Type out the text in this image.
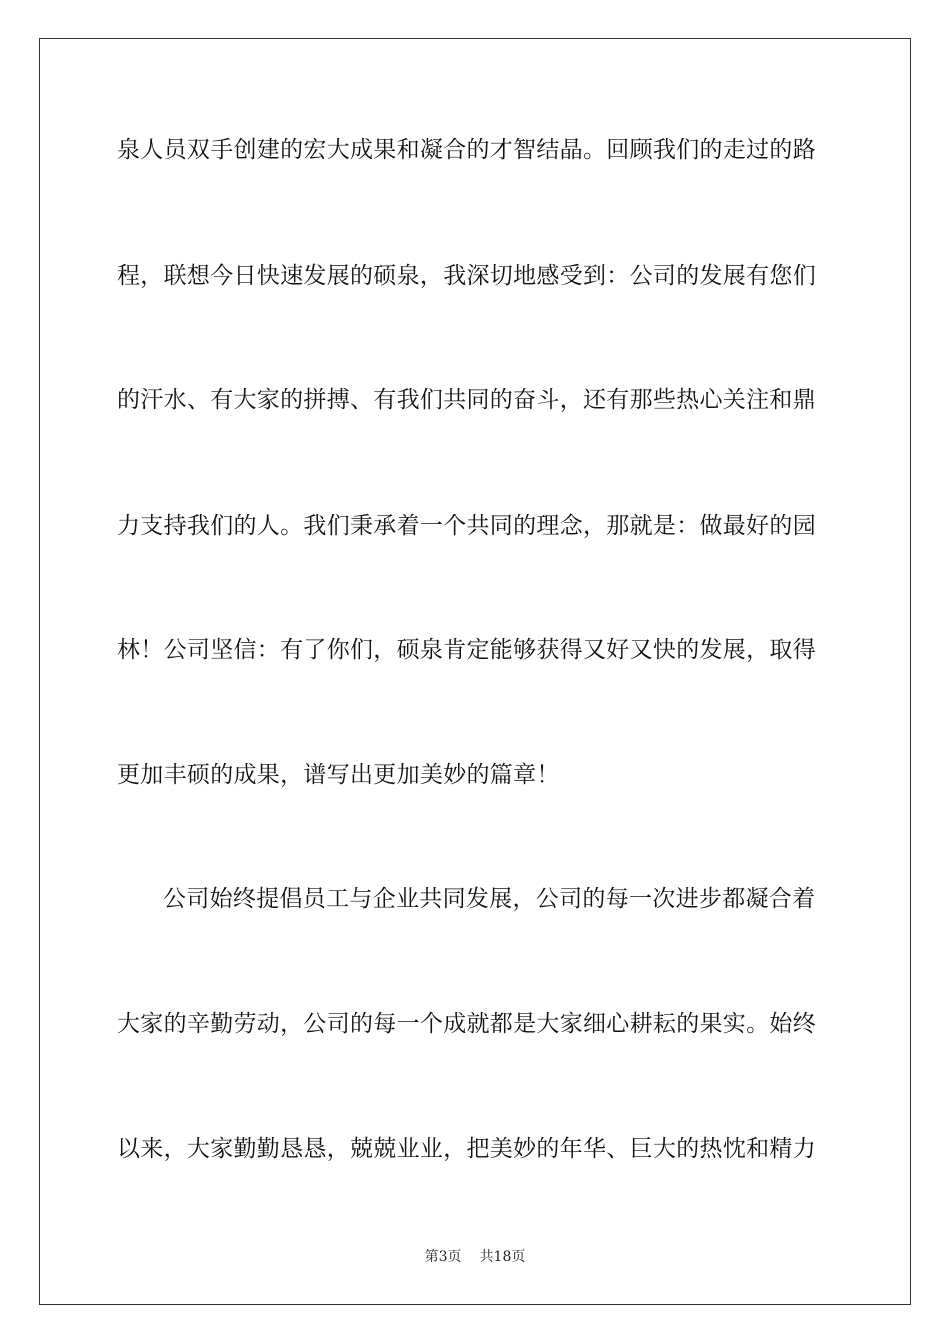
泉人员双手创建的宏大成果和凝合的才智结晶。回顾我们的走过的路
程，联想今日快速发展的硕泉，我深切地感受到：公司的发展有您们
的汗水、有大家的拼搏、有我们共同的奋斗，还有那些热心关注和鼎
力支持我们的人。我们秉承着一个共同的理念，那就是：做最好的园
林！公司坚信：有了你们，硕泉肯定能够获得又好又快的发展，取得
更加丰硕的成果，谱写出更加美妙的篇章！
公司始终提倡员工与企业共同发展，公司的每一次进步都凝合着
大家的辛勤劳动，公司的每一个成就都是大家细心耕耘的果实。始终
以来，大家勤勤恳恳，兢兢业业，把美妙的年华、巨大的热忱和精力
第3页 共18页
